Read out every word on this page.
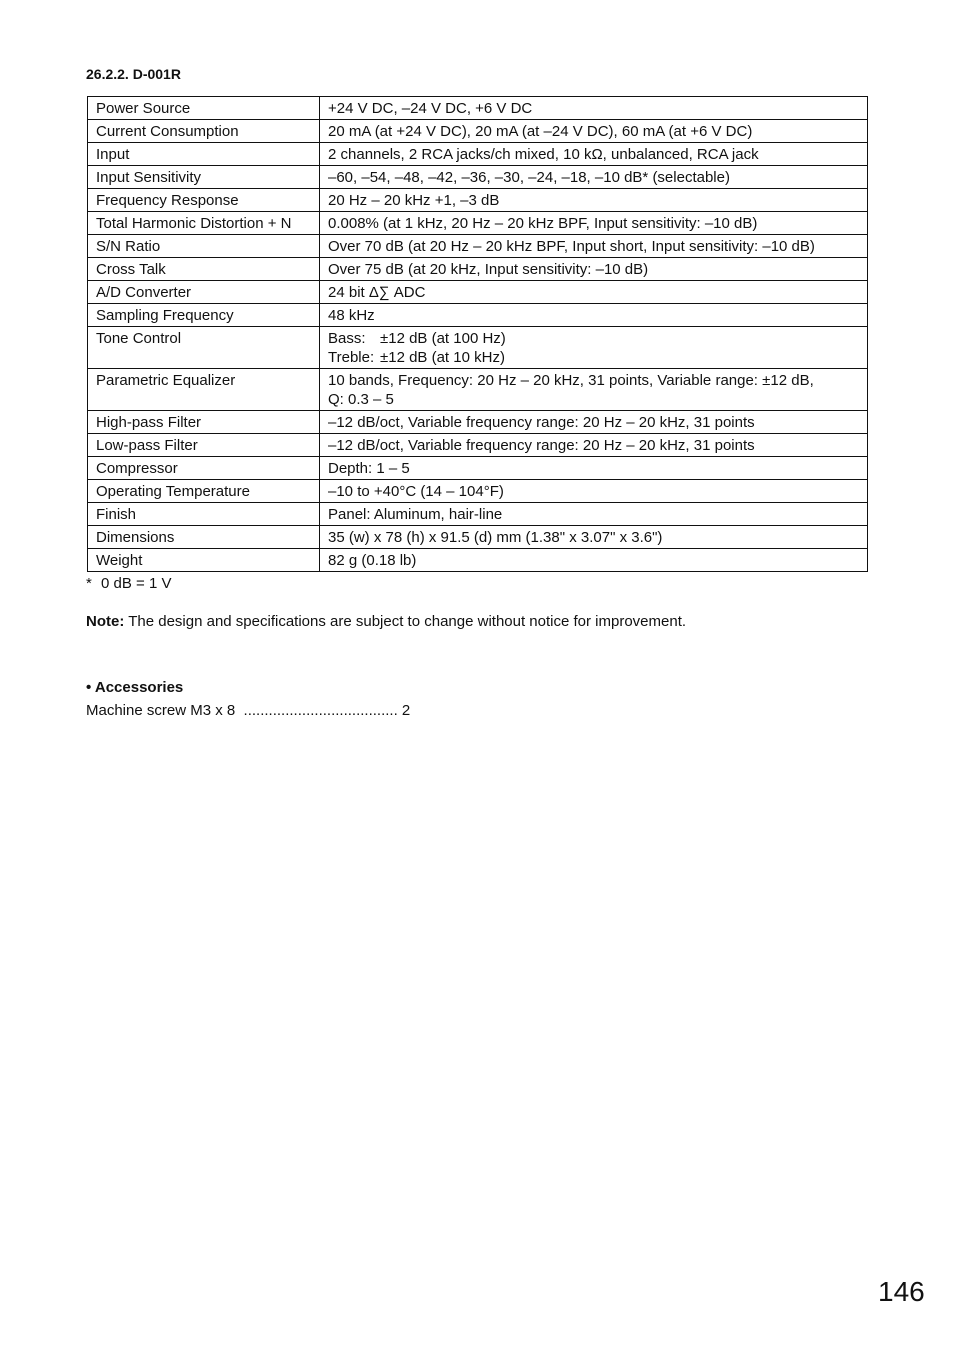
26.2.2. D-001R
Power Source	+24 V DC, –24 V DC, +6 V DC

Current Consumption	20 mA (at +24 V DC), 20 mA (at –24 V DC), 60 mA (at +6 V DC)

Input	2 channels, 2 RCA jacks/ch mixed, 10 kΩ, unbalanced, RCA jack

Input Sensitivity	–60, –54, –48, –42, –36, –30, –24, –18, –10 dB* (selectable)

Frequency Response	20 Hz – 20 kHz +1, –3 dB

Total Harmonic Distortion + N	0.008% (at 1 kHz, 20 Hz – 20 kHz BPF, Input sensitivity: –10 dB)

S/N Ratio	Over 70 dB (at 20 Hz – 20 kHz BPF, Input short, Input sensitivity: –10 dB)

Cross Talk	Over 75 dB (at 20 kHz, Input sensitivity: –10 dB)

A/D Converter	24 bit Δ∑ ADC

Sampling Frequency	48 kHz

Tone Control	Bass: ±12 dB (at 100 Hz)
Treble: ±12 dB (at 10 kHz)

Parametric Equalizer	10 bands, Frequency: 20 Hz – 20 kHz, 31 points, Variable range: ±12 dB,
Q: 0.3 – 5

High-pass Filter	–12 dB/oct, Variable frequency range: 20 Hz – 20 kHz, 31 points

Low-pass Filter	–12 dB/oct, Variable frequency range: 20 Hz – 20 kHz, 31 points

Compressor	Depth: 1 – 5

Operating Temperature	–10 to +40°C (14 – 104°F)

Finish	Panel: Aluminum, hair-line

Dimensions	35 (w) x 78 (h) x 91.5 (d) mm (1.38" x 3.07" x 3.6")

Weight	82 g (0.18 lb)
* 0 dB = 1 V
Note: The design and specifications are subject to change without notice for improvement.
• Accessories
Machine screw M3 x 8  ..................................... 2
146
